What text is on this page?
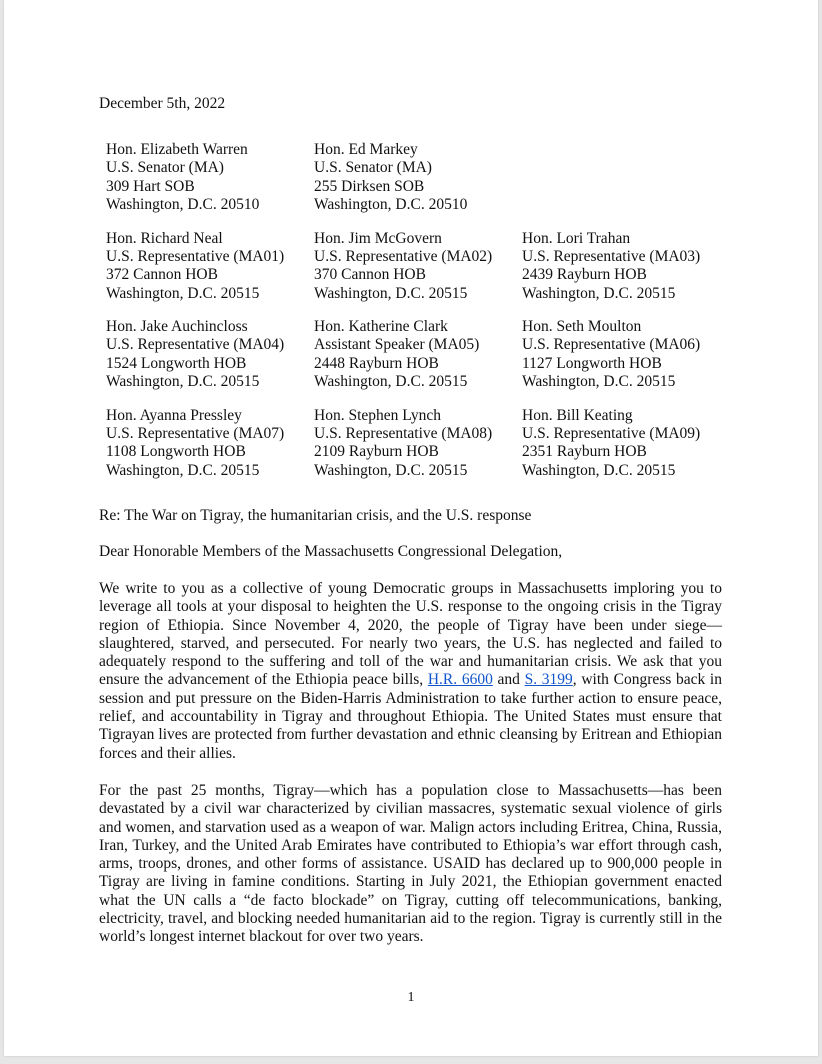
December 5th, 2022
Hon. Elizabeth Warren
U.S. Senator (MA)
309 Hart SOB
Washington, D.C. 20510
Hon. Ed Markey
U.S. Senator (MA)
255 Dirksen SOB
Washington, D.C. 20510
Hon. Richard Neal
U.S. Representative (MA01)
372 Cannon HOB
Washington, D.C. 20515
Hon. Jim McGovern
U.S. Representative (MA02)
370 Cannon HOB
Washington, D.C. 20515
Hon. Lori Trahan
U.S. Representative (MA03)
2439 Rayburn HOB
Washington, D.C. 20515
Hon. Jake Auchincloss
U.S. Representative (MA04)
1524 Longworth HOB
Washington, D.C. 20515
Hon. Katherine Clark
Assistant Speaker (MA05)
2448 Rayburn HOB
Washington, D.C. 20515
Hon. Seth Moulton
U.S. Representative (MA06)
1127 Longworth HOB
Washington, D.C. 20515
Hon. Ayanna Pressley
U.S. Representative (MA07)
1108 Longworth HOB
Washington, D.C. 20515
Hon. Stephen Lynch
U.S. Representative (MA08)
2109 Rayburn HOB
Washington, D.C. 20515
Hon. Bill Keating
U.S. Representative (MA09)
2351 Rayburn HOB
Washington, D.C. 20515
Re: The War on Tigray, the humanitarian crisis, and the U.S. response
Dear Honorable Members of the Massachusetts Congressional Delegation,
We write to you as a collective of young Democratic groups in Massachusetts imploring you to leverage all tools at your disposal to heighten the U.S. response to the ongoing crisis in the Tigray region of Ethiopia. Since November 4, 2020, the people of Tigray have been under siege—slaughtered, starved, and persecuted. For nearly two years, the U.S. has neglected and failed to adequately respond to the suffering and toll of the war and humanitarian crisis. We ask that you ensure the advancement of the Ethiopia peace bills, H.R. 6600 and S. 3199, with Congress back in session and put pressure on the Biden-Harris Administration to take further action to ensure peace, relief, and accountability in Tigray and throughout Ethiopia. The United States must ensure that Tigrayan lives are protected from further devastation and ethnic cleansing by Eritrean and Ethiopian forces and their allies.
For the past 25 months, Tigray—which has a population close to Massachusetts—has been devastated by a civil war characterized by civilian massacres, systematic sexual violence of girls and women, and starvation used as a weapon of war. Malign actors including Eritrea, China, Russia, Iran, Turkey, and the United Arab Emirates have contributed to Ethiopia’s war effort through cash, arms, troops, drones, and other forms of assistance. USAID has declared up to 900,000 people in Tigray are living in famine conditions. Starting in July 2021, the Ethiopian government enacted what the UN calls a “de facto blockade” on Tigray, cutting off telecommunications, banking, electricity, travel, and blocking needed humanitarian aid to the region. Tigray is currently still in the world’s longest internet blackout for over two years.
1
